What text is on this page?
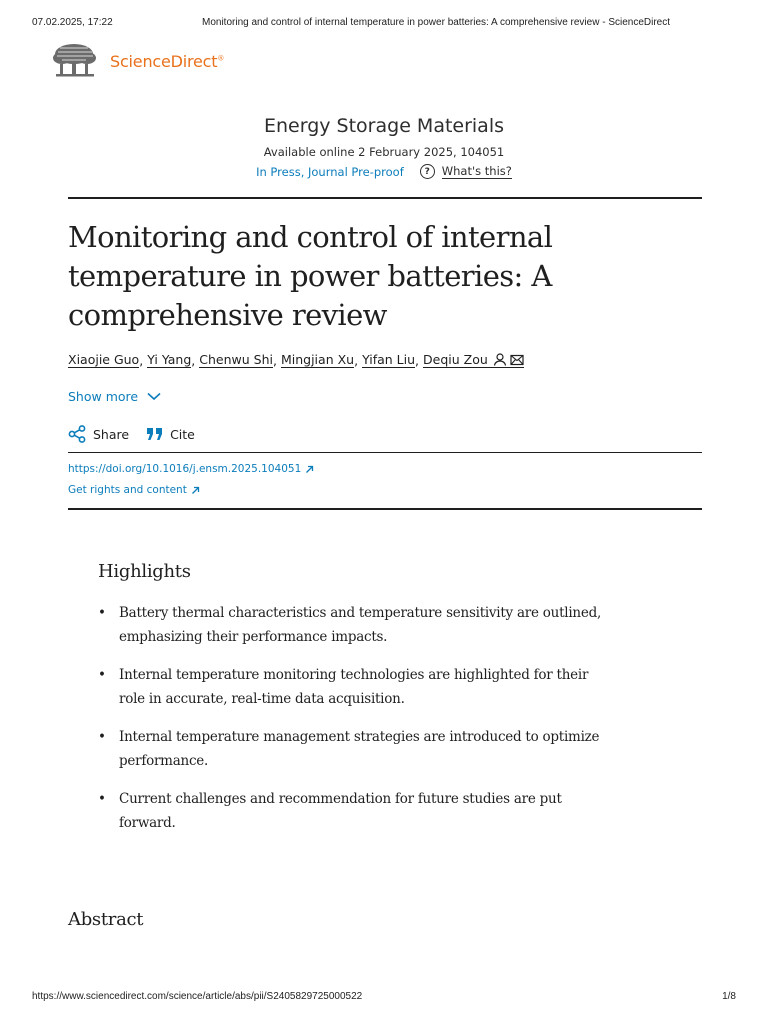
07.02.2025, 17:22	Monitoring and control of internal temperature in power batteries: A comprehensive review - ScienceDirect
ScienceDirect®
Energy Storage Materials
Available online 2 February 2025, 104051
In Press, Journal Pre-proof	?	What's this?
Monitoring and control of internal temperature in power batteries: A comprehensive review
Xiaojie Guo , Yi Yang , Chenwu Shi , Mingjian Xu , Yifan Liu , Deqiu Zou
Show more
Share	Cite
https://doi.org/10.1016/j.ensm.2025.104051
Get rights and content
Highlights
• Battery thermal characteristics and temperature sensitivity are outlined, emphasizing their performance impacts.
• Internal temperature monitoring technologies are highlighted for their role in accurate, real-time data acquisition.
• Internal temperature management strategies are introduced to optimize performance.
• Current challenges and recommendation for future studies are put forward.
Abstract
https://www.sciencedirect.com/science/article/abs/pii/S2405829725000522	1/8
